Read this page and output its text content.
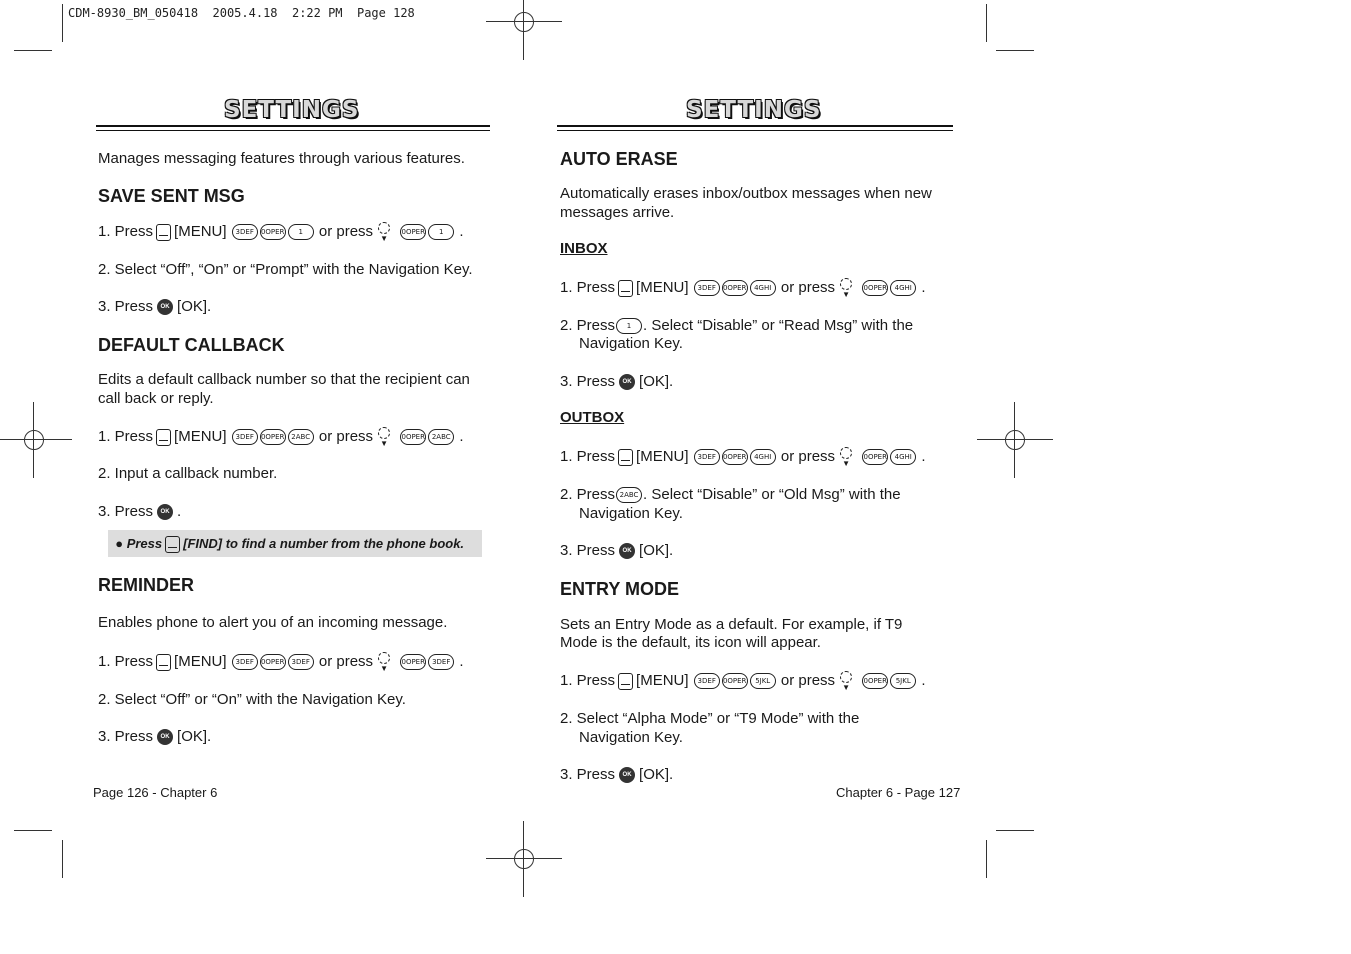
CDM-8930_BM_050418  2005.4.18  2:22 PM  Page 128
SETTINGS
Manages messaging features through various features.
SAVE SENT MSG
1. Press [MENU] 3DEF 0OPER 1 or press ▼
0OPER 1 .
2. Select “Off”, “On” or “Prompt” with the Navigation Key.
3. Press OK [OK].
DEFAULT CALLBACK
Edits a default callback number so that the recipient can
call back or reply.
1. Press [MENU] 3DEF 0OPER 2ABC or press ▼
0OPER 2ABC .
2. Input a callback number.
3. Press OK .
● Press [FIND] to find a number from the phone book.
REMINDER
Enables phone to alert you of an incoming message.
1. Press [MENU] 3DEF 0OPER 3DEF or press ▼
0OPER 3DEF .
2. Select “Off” or “On” with the Navigation Key.
3. Press OK [OK].
Page 126 - Chapter 6
SETTINGS
AUTO ERASE
Automatically erases inbox/outbox messages when new
messages arrive.
INBOX
1. Press [MENU] 3DEF 0OPER 4GHI or press ▼
0OPER 4GHI .
2. Press 1 . Select “Disable” or “Read Msg” with the
Navigation Key.
3. Press OK [OK].
OUTBOX
1. Press [MENU] 3DEF 0OPER 4GHI or press ▼
0OPER 4GHI .
2. Press 2ABC . Select “Disable” or “Old Msg” with the
Navigation Key.
3. Press OK [OK].
ENTRY MODE
Sets an Entry Mode as a default. For example, if T9
Mode is the default, its icon will appear.
1. Press [MENU] 3DEF 0OPER 5JKL or press ▼
0OPER 5JKL .
2. Select “Alpha Mode” or “T9 Mode” with the
Navigation Key.
3. Press OK [OK].
Chapter 6 - Page 127
